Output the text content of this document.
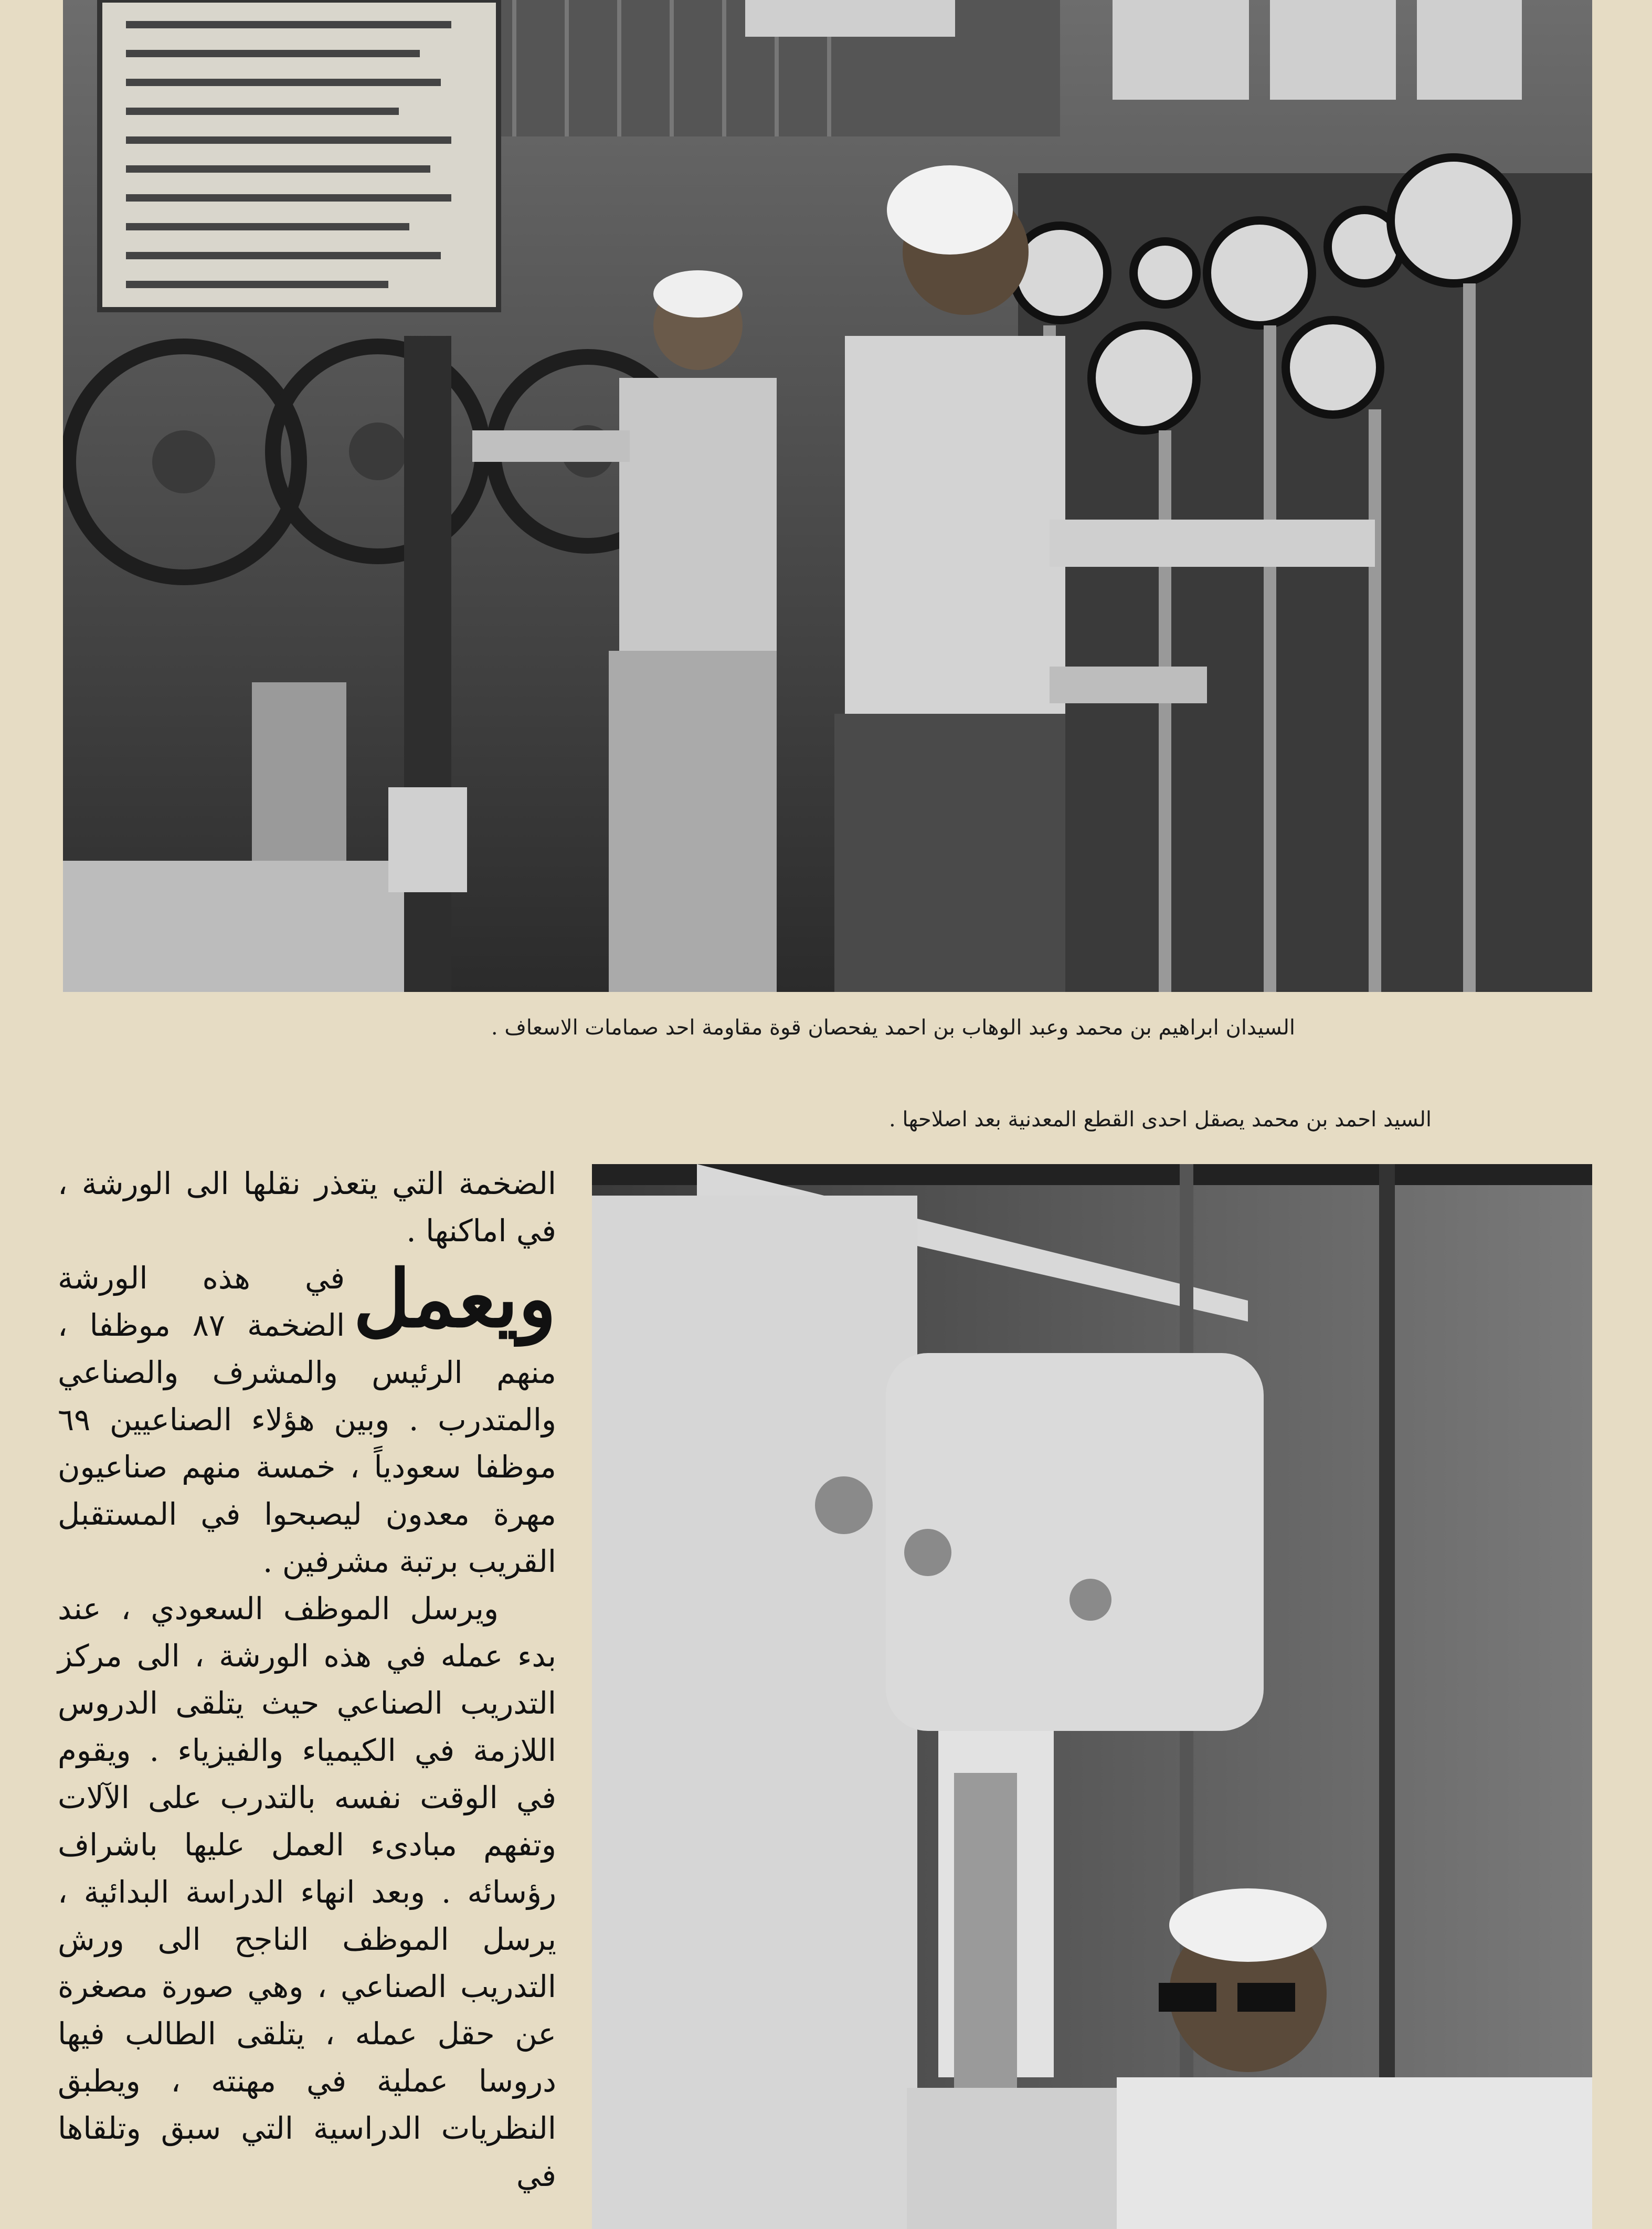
السيدان ابراهيم بن محمد وعبد الوهاب بن احمد يفحصان قوة مقاومة احد صمامات الاسعاف .
السيد احمد بن محمد يصقل احدى القطع المعدنية بعد اصلاحها .

الضخمة التي يتعذر نقلها الى الورشة ، في اماكنها .

ويعمل
في هذه الورشة الضخمة ٨٧ موظفا ، منهم الرئيس والمشرف والصناعي والمتدرب . وبين هؤلاء الصناعيين ٦٩ موظفا سعودياً ، خمسة منهم صناعيون مهرة معدون ليصبحوا في المستقبل القريب برتبة مشرفين .

ويرسل الموظف السعودي ، عند بدء عمله في هذه الورشة ، الى مركز التدريب الصناعي حيث يتلقى الدروس اللازمة في الكيمياء والفيزياء . ويقوم في الوقت نفسه بالتدرب على الآلات وتفهم مبادىء العمل عليها باشراف رؤسائه . وبعد انهاء الدراسة البدائية ، يرسل الموظف الناجح الى ورش التدريب الصناعي ، وهي صورة مصغرة عن حقل عمله ، يتلقى الطالب فيها دروسا عملية في مهنته ، ويطبق النظريات الدراسية التي سبق وتلقاها في
